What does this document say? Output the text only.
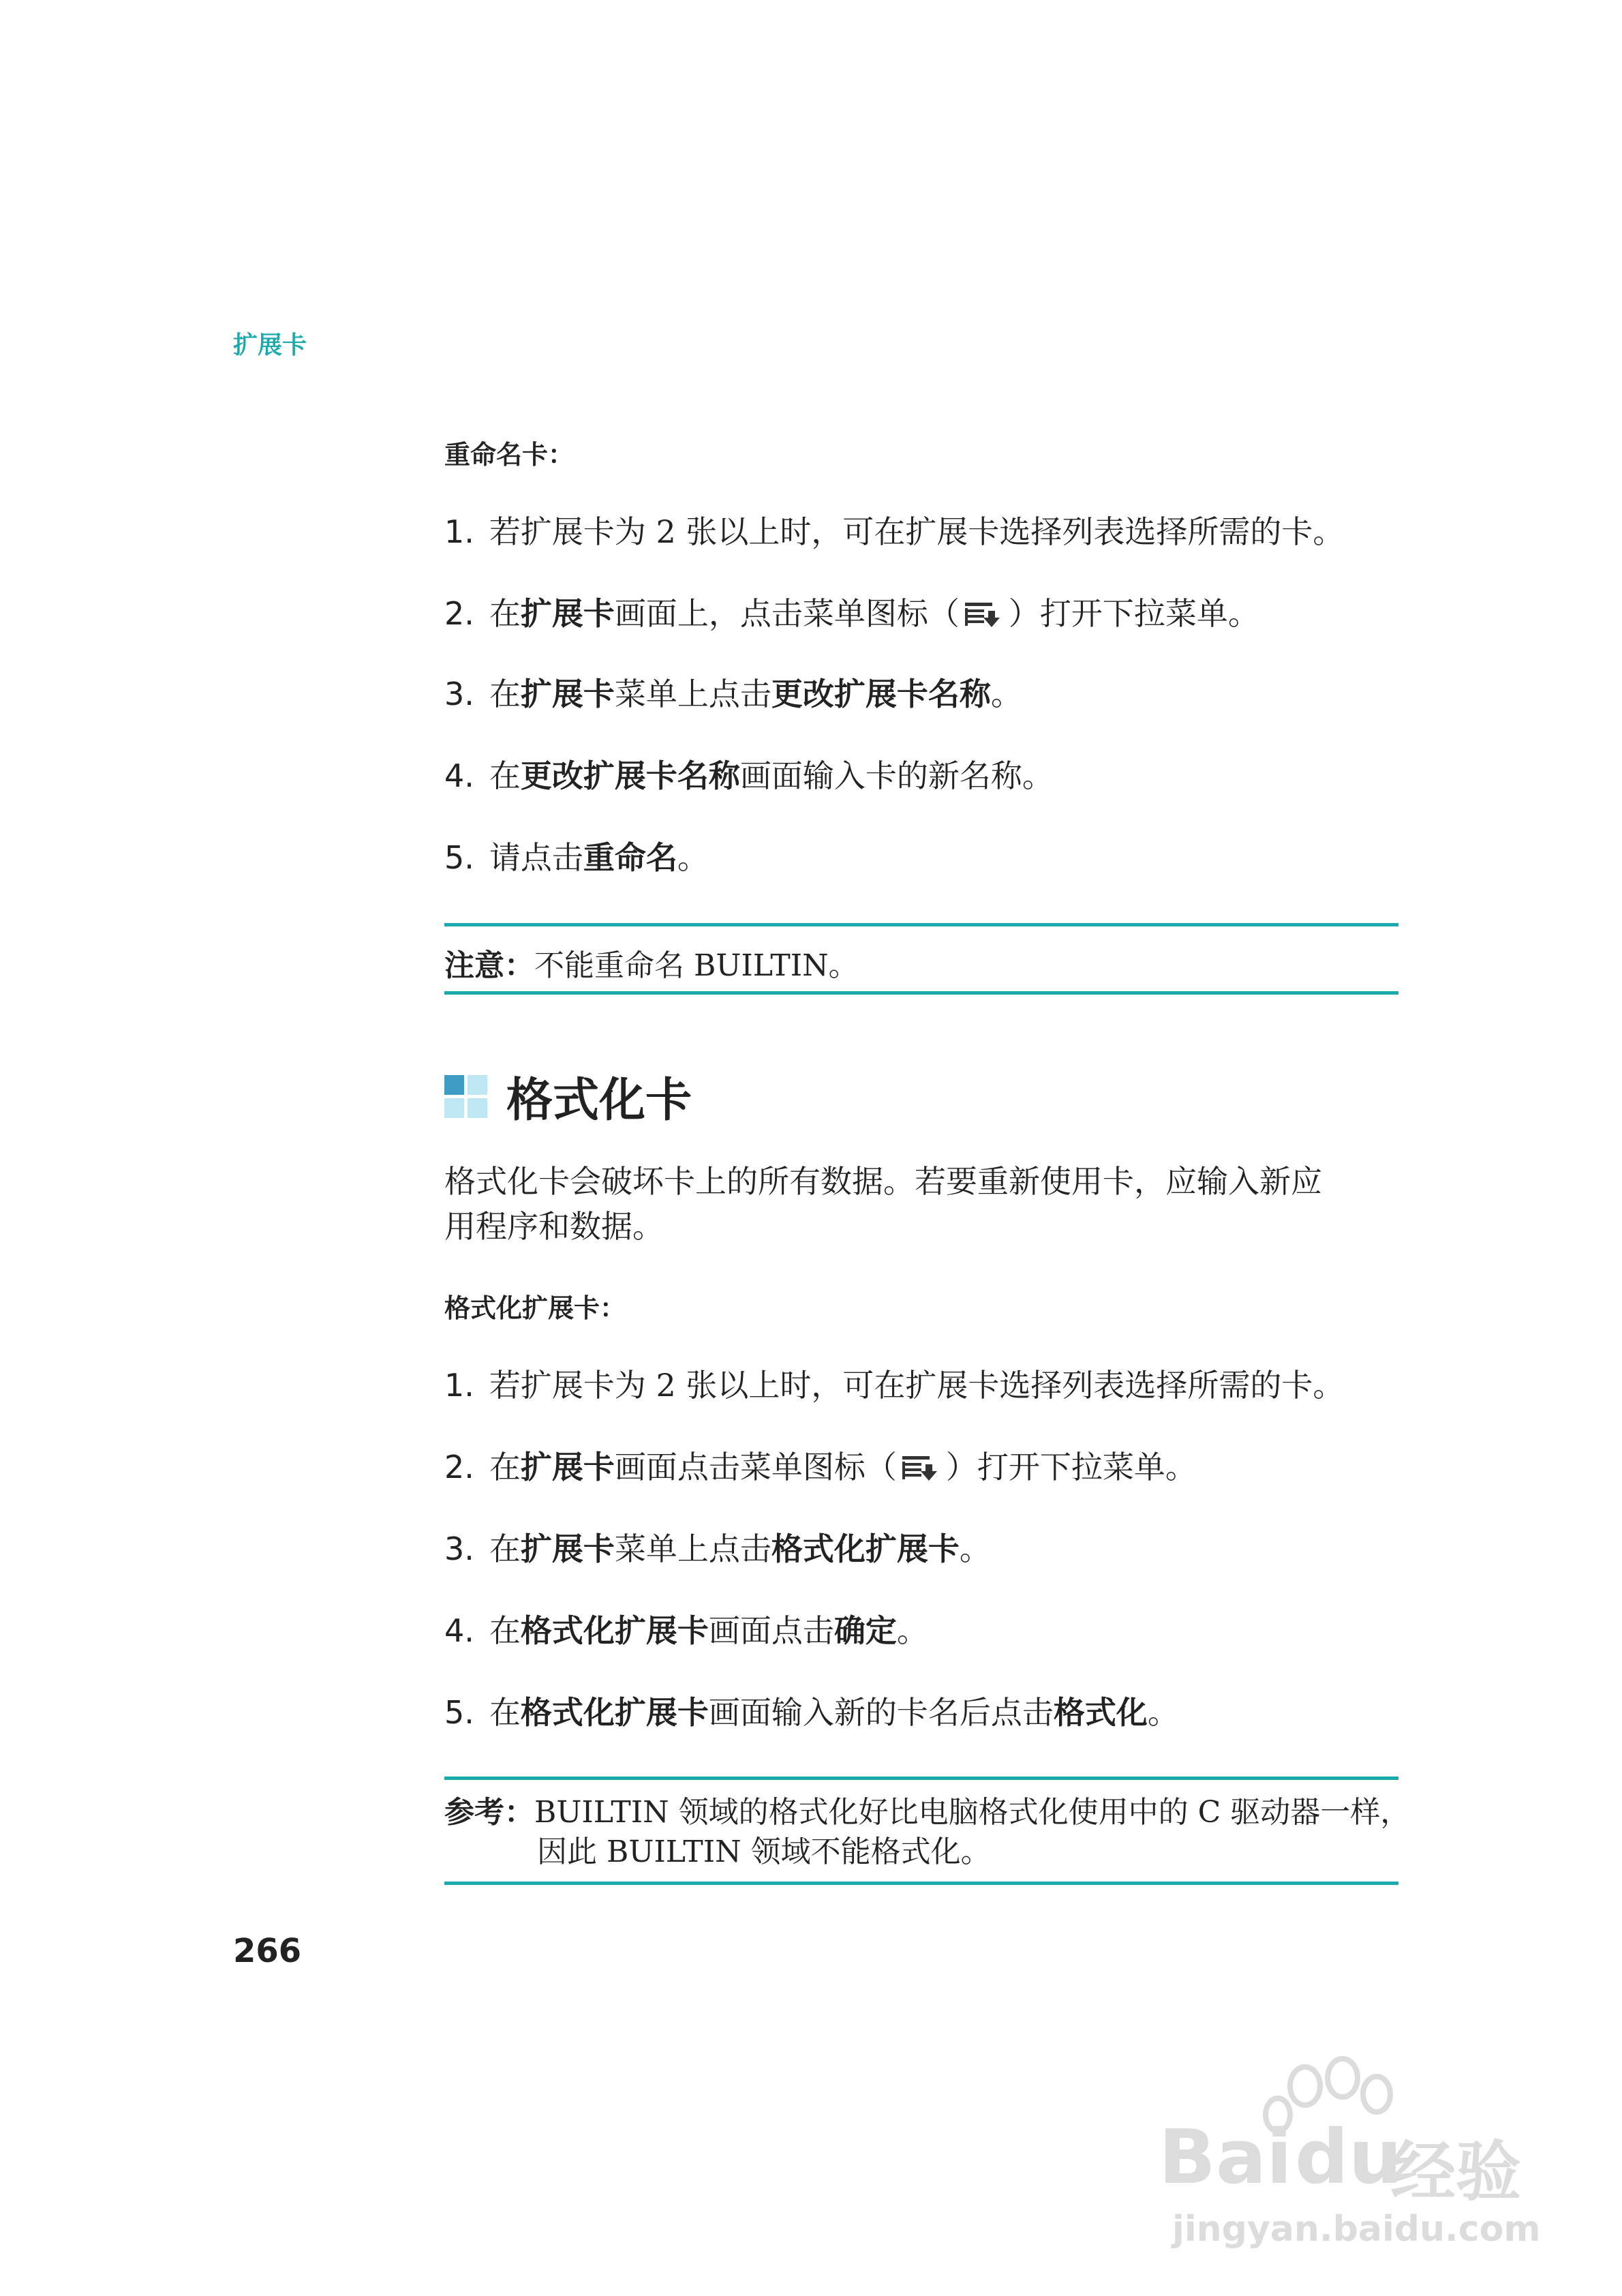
扩展卡
重命名卡：
1. 若扩展卡为 2 张以上时，可在扩展卡选择列表选择所需的卡。
2. 在扩展卡画面上，点击菜单图标（ ）打开下拉菜单。
3. 在扩展卡菜单上点击更改扩展卡名称。
4. 在更改扩展卡名称画面输入卡的新名称。
5. 请点击重命名。
注意：不能重命名 BUILTIN。
格式化卡
格式化卡会破坏卡上的所有数据。若要重新使用卡，应输入新应
用程序和数据。
格式化扩展卡：
1. 若扩展卡为 2 张以上时，可在扩展卡选择列表选择所需的卡。
2. 在扩展卡画面点击菜单图标（ ）打开下拉菜单。
3. 在扩展卡菜单上点击格式化扩展卡。
4. 在格式化扩展卡画面点击确定。
5. 在格式化扩展卡画面输入新的卡名后点击格式化。
参考：BUILTIN 领域的格式化好比电脑格式化使用中的 C 驱动器一样，
因此 BUILTIN 领域不能格式化。
266
Bai du
经验
jingyan.baidu.com
